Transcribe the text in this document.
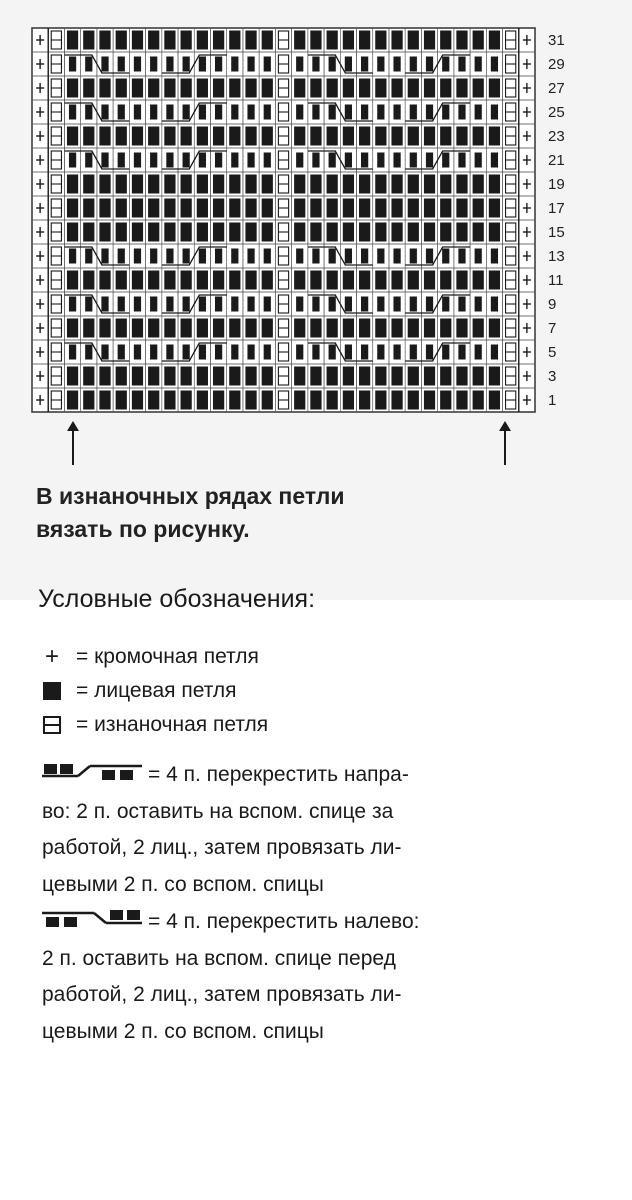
31
29
27
25
23
21
19
17
15
13
11
9
7
5
3
1
В изнаночных рядах петли
вязать по рисунку.
Условные обозначения:
+ = кромочная петля
= лицевая петля
= изнаночная петля
= 4 п. перекрестить напра-
во: 2 п. оставить на вспом. спице за
работой, 2 лиц., затем провязать ли-
цевыми 2 п. со вспом. спицы
= 4 п. перекрестить налево:
2 п. оставить на вспом. спице перед
работой, 2 лиц., затем провязать ли-
цевыми 2 п. со вспом. спицы
